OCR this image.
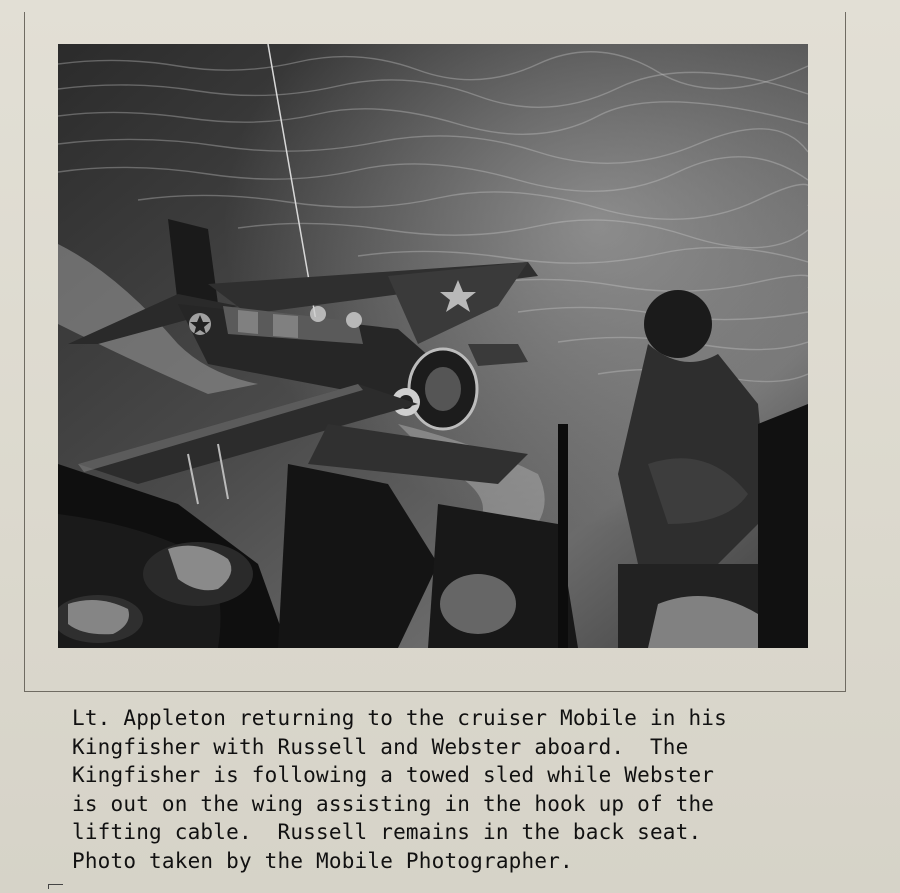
Lt. Appleton returning to the cruiser Mobile in his
Kingfisher with Russell and Webster aboard.  The
Kingfisher is following a towed sled while Webster
is out on the wing assisting in the hook up of the
lifting cable.  Russell remains in the back seat.
Photo taken by the Mobile Photographer.
